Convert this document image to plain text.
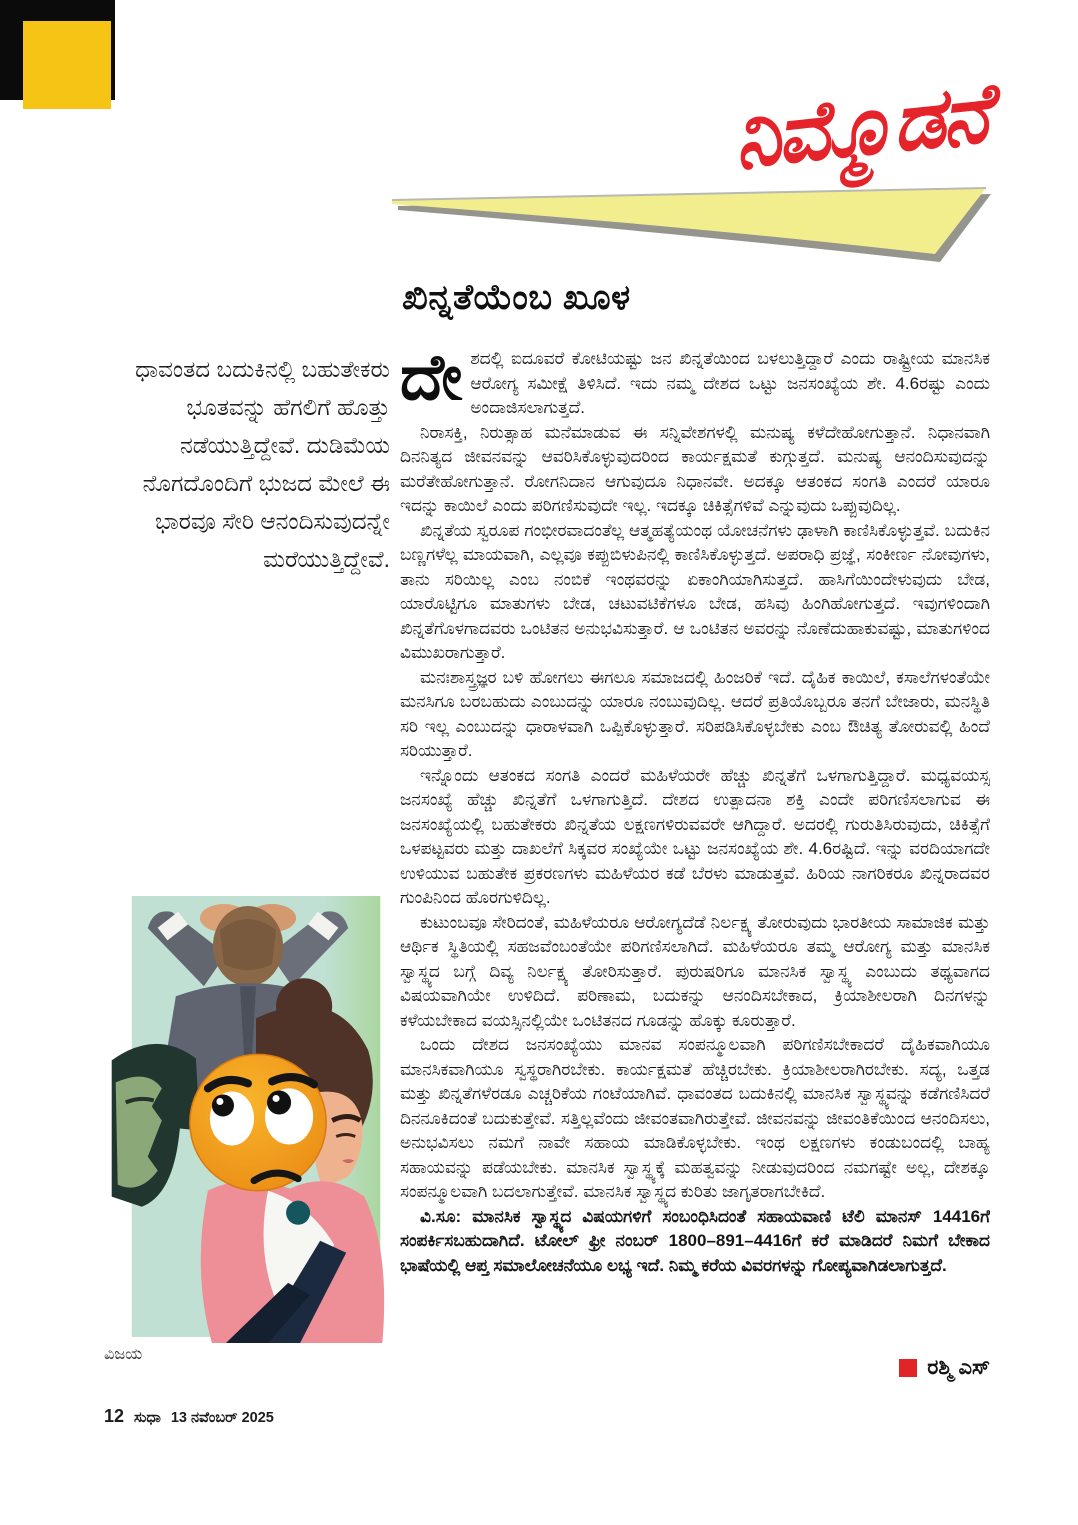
ನಿಮ್ಮೊಡನೆ
ಖಿನ್ನತೆಯೆಂಬ ಖೂಳ
ಧಾವಂತದ ಬದುಕಿನಲ್ಲಿ ಬಹುತೇಕರು ಭೂತವನ್ನು ಹೆಗಲಿಗೆ ಹೊತ್ತು ನಡೆಯುತ್ತಿದ್ದೇವೆ. ದುಡಿಮೆಯ ನೊಗದೊಂದಿಗೆ ಭುಜದ ಮೇಲೆ ಈ ಭಾರವೂ ಸೇರಿ ಆನಂದಿಸುವುದನ್ನೇ ಮರೆಯುತ್ತಿದ್ದೇವೆ.
ವಿಜಯ

ದೇಶದಲ್ಲಿ ಐದೂವರೆ ಕೋಟಿಯಷ್ಟು ಜನ ಖಿನ್ನತೆಯಿಂದ ಬಳಲುತ್ತಿದ್ದಾರೆ ಎಂದು ರಾಷ್ಟ್ರೀಯ ಮಾನಸಿಕ ಆರೋಗ್ಯ ಸಮೀಕ್ಷೆ ತಿಳಿಸಿದೆ. ಇದು ನಮ್ಮ ದೇಶದ ಒಟ್ಟು ಜನಸಂಖ್ಯೆಯ ಶೇ. 4.6ರಷ್ಟು ಎಂದು ಅಂದಾಜಿಸಲಾಗುತ್ತದೆ.

ನಿರಾಸಕ್ತಿ, ನಿರುತ್ಸಾಹ ಮನೆಮಾಡುವ ಈ ಸನ್ನಿವೇಶಗಳಲ್ಲಿ ಮನುಷ್ಯ ಕಳೆದೇಹೋಗುತ್ತಾನೆ. ನಿಧಾನವಾಗಿ ದಿನನಿತ್ಯದ ಜೀವನವನ್ನು ಆವರಿಸಿಕೊಳ್ಳುವುದರಿಂದ ಕಾರ್ಯಕ್ಷಮತೆ ಕುಗ್ಗುತ್ತದೆ. ಮನುಷ್ಯ ಆನಂದಿಸುವುದನ್ನು ಮರೆತೇಹೋಗುತ್ತಾನೆ. ರೋಗನಿದಾನ ಆಗುವುದೂ ನಿಧಾನವೇ. ಅದಕ್ಕೂ ಆತಂಕದ ಸಂಗತಿ ಎಂದರೆ ಯಾರೂ ಇದನ್ನು ಕಾಯಿಲೆ ಎಂದು ಪರಿಗಣಿಸುವುದೇ ಇಲ್ಲ. ಇದಕ್ಕೂ ಚಿಕಿತ್ಸೆಗಳಿವೆ ಎನ್ನುವುದು ಒಪ್ಪುವುದಿಲ್ಲ.

ಖಿನ್ನತೆಯ ಸ್ವರೂಪ ಗಂಭೀರವಾದಂತೆಲ್ಲ ಆತ್ಮಹತ್ಯೆಯಂಥ ಯೋಚನೆಗಳು ಢಾಳಾಗಿ ಕಾಣಿಸಿಕೊಳ್ಳುತ್ತವೆ. ಬದುಕಿನ ಬಣ್ಣಗಳೆಲ್ಲ ಮಾಯವಾಗಿ, ಎಲ್ಲವೂ ಕಪ್ಪುಬಿಳುಪಿನಲ್ಲಿ ಕಾಣಿಸಿಕೊಳ್ಳುತ್ತದೆ. ಅಪರಾಧಿ ಪ್ರಜ್ಞೆ, ಸಂಕೀರ್ಣ ನೋವುಗಳು, ತಾನು ಸರಿಯಿಲ್ಲ ಎಂಬ ನಂಬಿಕೆ ಇಂಥವರನ್ನು ಏಕಾಂಗಿಯಾಗಿಸುತ್ತದೆ. ಹಾಸಿಗೆಯಿಂದೇಳುವುದು ಬೇಡ, ಯಾರೊಟ್ಟಿಗೂ ಮಾತುಗಳು ಬೇಡ, ಚಟುವಟಿಕೆಗಳೂ ಬೇಡ, ಹಸಿವು ಹಿಂಗಿಹೋಗುತ್ತದೆ. ಇವುಗಳಿಂದಾಗಿ ಖಿನ್ನತೆಗೊಳಗಾದವರು ಒಂಟಿತನ ಅನುಭವಿಸುತ್ತಾರೆ. ಆ ಒಂಟಿತನ ಅವರನ್ನು ನೊಣೆದುಹಾಕುವಷ್ಟು, ಮಾತುಗಳಿಂದ ವಿಮುಖರಾಗುತ್ತಾರೆ.

ಮನಃಶಾಸ್ತ್ರಜ್ಞರ ಬಳಿ ಹೋಗಲು ಈಗಲೂ ಸಮಾಜದಲ್ಲಿ ಹಿಂಜರಿಕೆ ಇದೆ. ದೈಹಿಕ ಕಾಯಿಲೆ, ಕಸಾಲೆಗಳಂತೆಯೇ ಮನಸಿಗೂ ಬರಬಹುದು ಎಂಬುದನ್ನು ಯಾರೂ ನಂಬುವುದಿಲ್ಲ. ಆದರೆ ಪ್ರತಿಯೊಬ್ಬರೂ ತನಗೆ ಬೇಜಾರು, ಮನಸ್ಥಿತಿ ಸರಿ ಇಲ್ಲ ಎಂಬುದನ್ನು ಧಾರಾಳವಾಗಿ ಒಪ್ಪಿಕೊಳ್ಳುತ್ತಾರೆ. ಸರಿಪಡಿಸಿಕೊಳ್ಳಬೇಕು ಎಂಬ ಔಚಿತ್ಯ ತೋರುವಲ್ಲಿ ಹಿಂದೆ ಸರಿಯುತ್ತಾರೆ.

ಇನ್ನೊಂದು ಆತಂಕದ ಸಂಗತಿ ಎಂದರೆ ಮಹಿಳೆಯರೇ ಹೆಚ್ಚು ಖಿನ್ನತೆಗೆ ಒಳಗಾಗುತ್ತಿದ್ದಾರೆ. ಮಧ್ಯವಯಸ್ಸ ಜನಸಂಖ್ಯೆ ಹೆಚ್ಚು ಖಿನ್ನತೆಗೆ ಒಳಗಾಗುತ್ತಿದೆ. ದೇಶದ ಉತ್ಪಾದನಾ ಶಕ್ತಿ ಎಂದೇ ಪರಿಗಣಿಸಲಾಗುವ ಈ ಜನಸಂಖ್ಯೆಯಲ್ಲಿ ಬಹುತೇಕರು ಖಿನ್ನತೆಯ ಲಕ್ಷಣಗಳಿರುವವರೇ ಆಗಿದ್ದಾರೆ. ಅದರಲ್ಲಿ ಗುರುತಿಸಿರುವುದು, ಚಿಕಿತ್ಸೆಗೆ ಒಳಪಟ್ಟವರು ಮತ್ತು ದಾಖಲೆಗೆ ಸಿಕ್ಕವರ ಸಂಖ್ಯೆಯೇ ಒಟ್ಟು ಜನಸಂಖ್ಯೆಯ ಶೇ. 4.6ರಷ್ಟಿದೆ. ಇನ್ನು ವರದಿಯಾಗದೇ ಉಳಿಯುವ ಬಹುತೇಕ ಪ್ರಕರಣಗಳು ಮಹಿಳೆಯರ ಕಡೆ ಬೆರಳು ಮಾಡುತ್ತವೆ. ಹಿರಿಯ ನಾಗರಿಕರೂ ಖಿನ್ನರಾದವರ ಗುಂಪಿನಿಂದ ಹೊರಗುಳಿದಿಲ್ಲ.

ಕುಟುಂಬವೂ ಸೇರಿದಂತೆ, ಮಹಿಳೆಯರೂ ಆರೋಗ್ಯದೆಡೆ ನಿರ್ಲಕ್ಷ್ಯ ತೋರುವುದು ಭಾರತೀಯ ಸಾಮಾಜಿಕ ಮತ್ತು ಆರ್ಥಿಕ ಸ್ಥಿತಿಯಲ್ಲಿ ಸಹಜವೆಂಬಂತೆಯೇ ಪರಿಗಣಿಸಲಾಗಿದೆ. ಮಹಿಳೆಯರೂ ತಮ್ಮ ಆರೋಗ್ಯ ಮತ್ತು ಮಾನಸಿಕ ಸ್ವಾಸ್ಥ್ಯದ ಬಗ್ಗೆ ದಿವ್ಯ ನಿರ್ಲಕ್ಷ್ಯ ತೋರಿಸುತ್ತಾರೆ. ಪುರುಷರಿಗೂ ಮಾನಸಿಕ ಸ್ವಾಸ್ಥ್ಯ ಎಂಬುದು ತಥ್ಯವಾಗದ ವಿಷಯವಾಗಿಯೇ ಉಳಿದಿದೆ. ಪರಿಣಾಮ, ಬದುಕನ್ನು ಆನಂದಿಸಬೇಕಾದ, ಕ್ರಿಯಾಶೀಲರಾಗಿ ದಿನಗಳನ್ನು ಕಳೆಯಬೇಕಾದ ವಯಸ್ಸಿನಲ್ಲಿಯೇ ಒಂಟಿತನದ ಗೂಡನ್ನು ಹೊಕ್ಕು ಕೂರುತ್ತಾರೆ.

ಒಂದು ದೇಶದ ಜನಸಂಖ್ಯೆಯು ಮಾನವ ಸಂಪನ್ಮೂಲವಾಗಿ ಪರಿಗಣಿಸಬೇಕಾದರೆ ದೈಹಿಕವಾಗಿಯೂ ಮಾನಸಿಕವಾಗಿಯೂ ಸ್ವಸ್ಥರಾಗಿರಬೇಕು. ಕಾರ್ಯಕ್ಷಮತೆ ಹೆಚ್ಚಿರಬೇಕು. ಕ್ರಿಯಾಶೀಲರಾಗಿರಬೇಕು. ಸದ್ಯ, ಒತ್ತಡ ಮತ್ತು ಖಿನ್ನತೆಗಳೆರಡೂ ಎಚ್ಚರಿಕೆಯ ಗಂಟೆಯಾಗಿವೆ. ಧಾವಂತದ ಬದುಕಿನಲ್ಲಿ ಮಾನಸಿಕ ಸ್ವಾಸ್ಥ್ಯವನ್ನು ಕಡೆಗಣಿಸಿದರೆ ದಿನನೂಕಿದಂತೆ ಬದುಕುತ್ತೇವೆ. ಸತ್ತಿಲ್ಲವೆಂದು ಜೀವಂತವಾಗಿರುತ್ತೇವೆ. ಜೀವನವನ್ನು ಜೀವಂತಿಕೆಯಿಂದ ಆನಂದಿಸಲು, ಅನುಭವಿಸಲು ನಮಗೆ ನಾವೇ ಸಹಾಯ ಮಾಡಿಕೊಳ್ಳಬೇಕು. ಇಂಥ ಲಕ್ಷಣಗಳು ಕಂಡುಬಂದಲ್ಲಿ ಬಾಹ್ಯ ಸಹಾಯವನ್ನು ಪಡೆಯಬೇಕು. ಮಾನಸಿಕ ಸ್ವಾಸ್ಥ್ಯಕ್ಕೆ ಮಹತ್ವವನ್ನು ನೀಡುವುದರಿಂದ ನಮಗಷ್ಟೇ ಅಲ್ಲ, ದೇಶಕ್ಕೂ ಸಂಪನ್ಮೂಲವಾಗಿ ಬದಲಾಗುತ್ತೇವೆ. ಮಾನಸಿಕ ಸ್ವಾಸ್ಥ್ಯದ ಕುರಿತು ಜಾಗೃತರಾಗಬೇಕಿದೆ.

ವಿ.ಸೂ: ಮಾನಸಿಕ ಸ್ವಾಸ್ಥ್ಯದ ವಿಷಯಗಳಿಗೆ ಸಂಬಂಧಿಸಿದಂತೆ ಸಹಾಯವಾಣಿ ಟೆಲಿ ಮಾನಸ್ 14416ಗೆ ಸಂಪರ್ಕಿಸಬಹುದಾಗಿದೆ. ಟೋಲ್ ಫ್ರೀ ನಂಬರ್ 1800–891–4416ಗೆ ಕರೆ ಮಾಡಿದರೆ ನಿಮಗೆ ಬೇಕಾದ ಭಾಷೆಯಲ್ಲಿ ಆಪ್ತ ಸಮಾಲೋಚನೆಯೂ ಲಭ್ಯ ಇದೆ. ನಿಮ್ಮ ಕರೆಯ ವಿವರಗಳನ್ನು ಗೋಪ್ಯವಾಗಿಡಲಾಗುತ್ತದೆ.

ರಶ್ಮಿ ಎಸ್
12 ಸುಧಾ 13 ನವೆಂಬರ್ 2025
